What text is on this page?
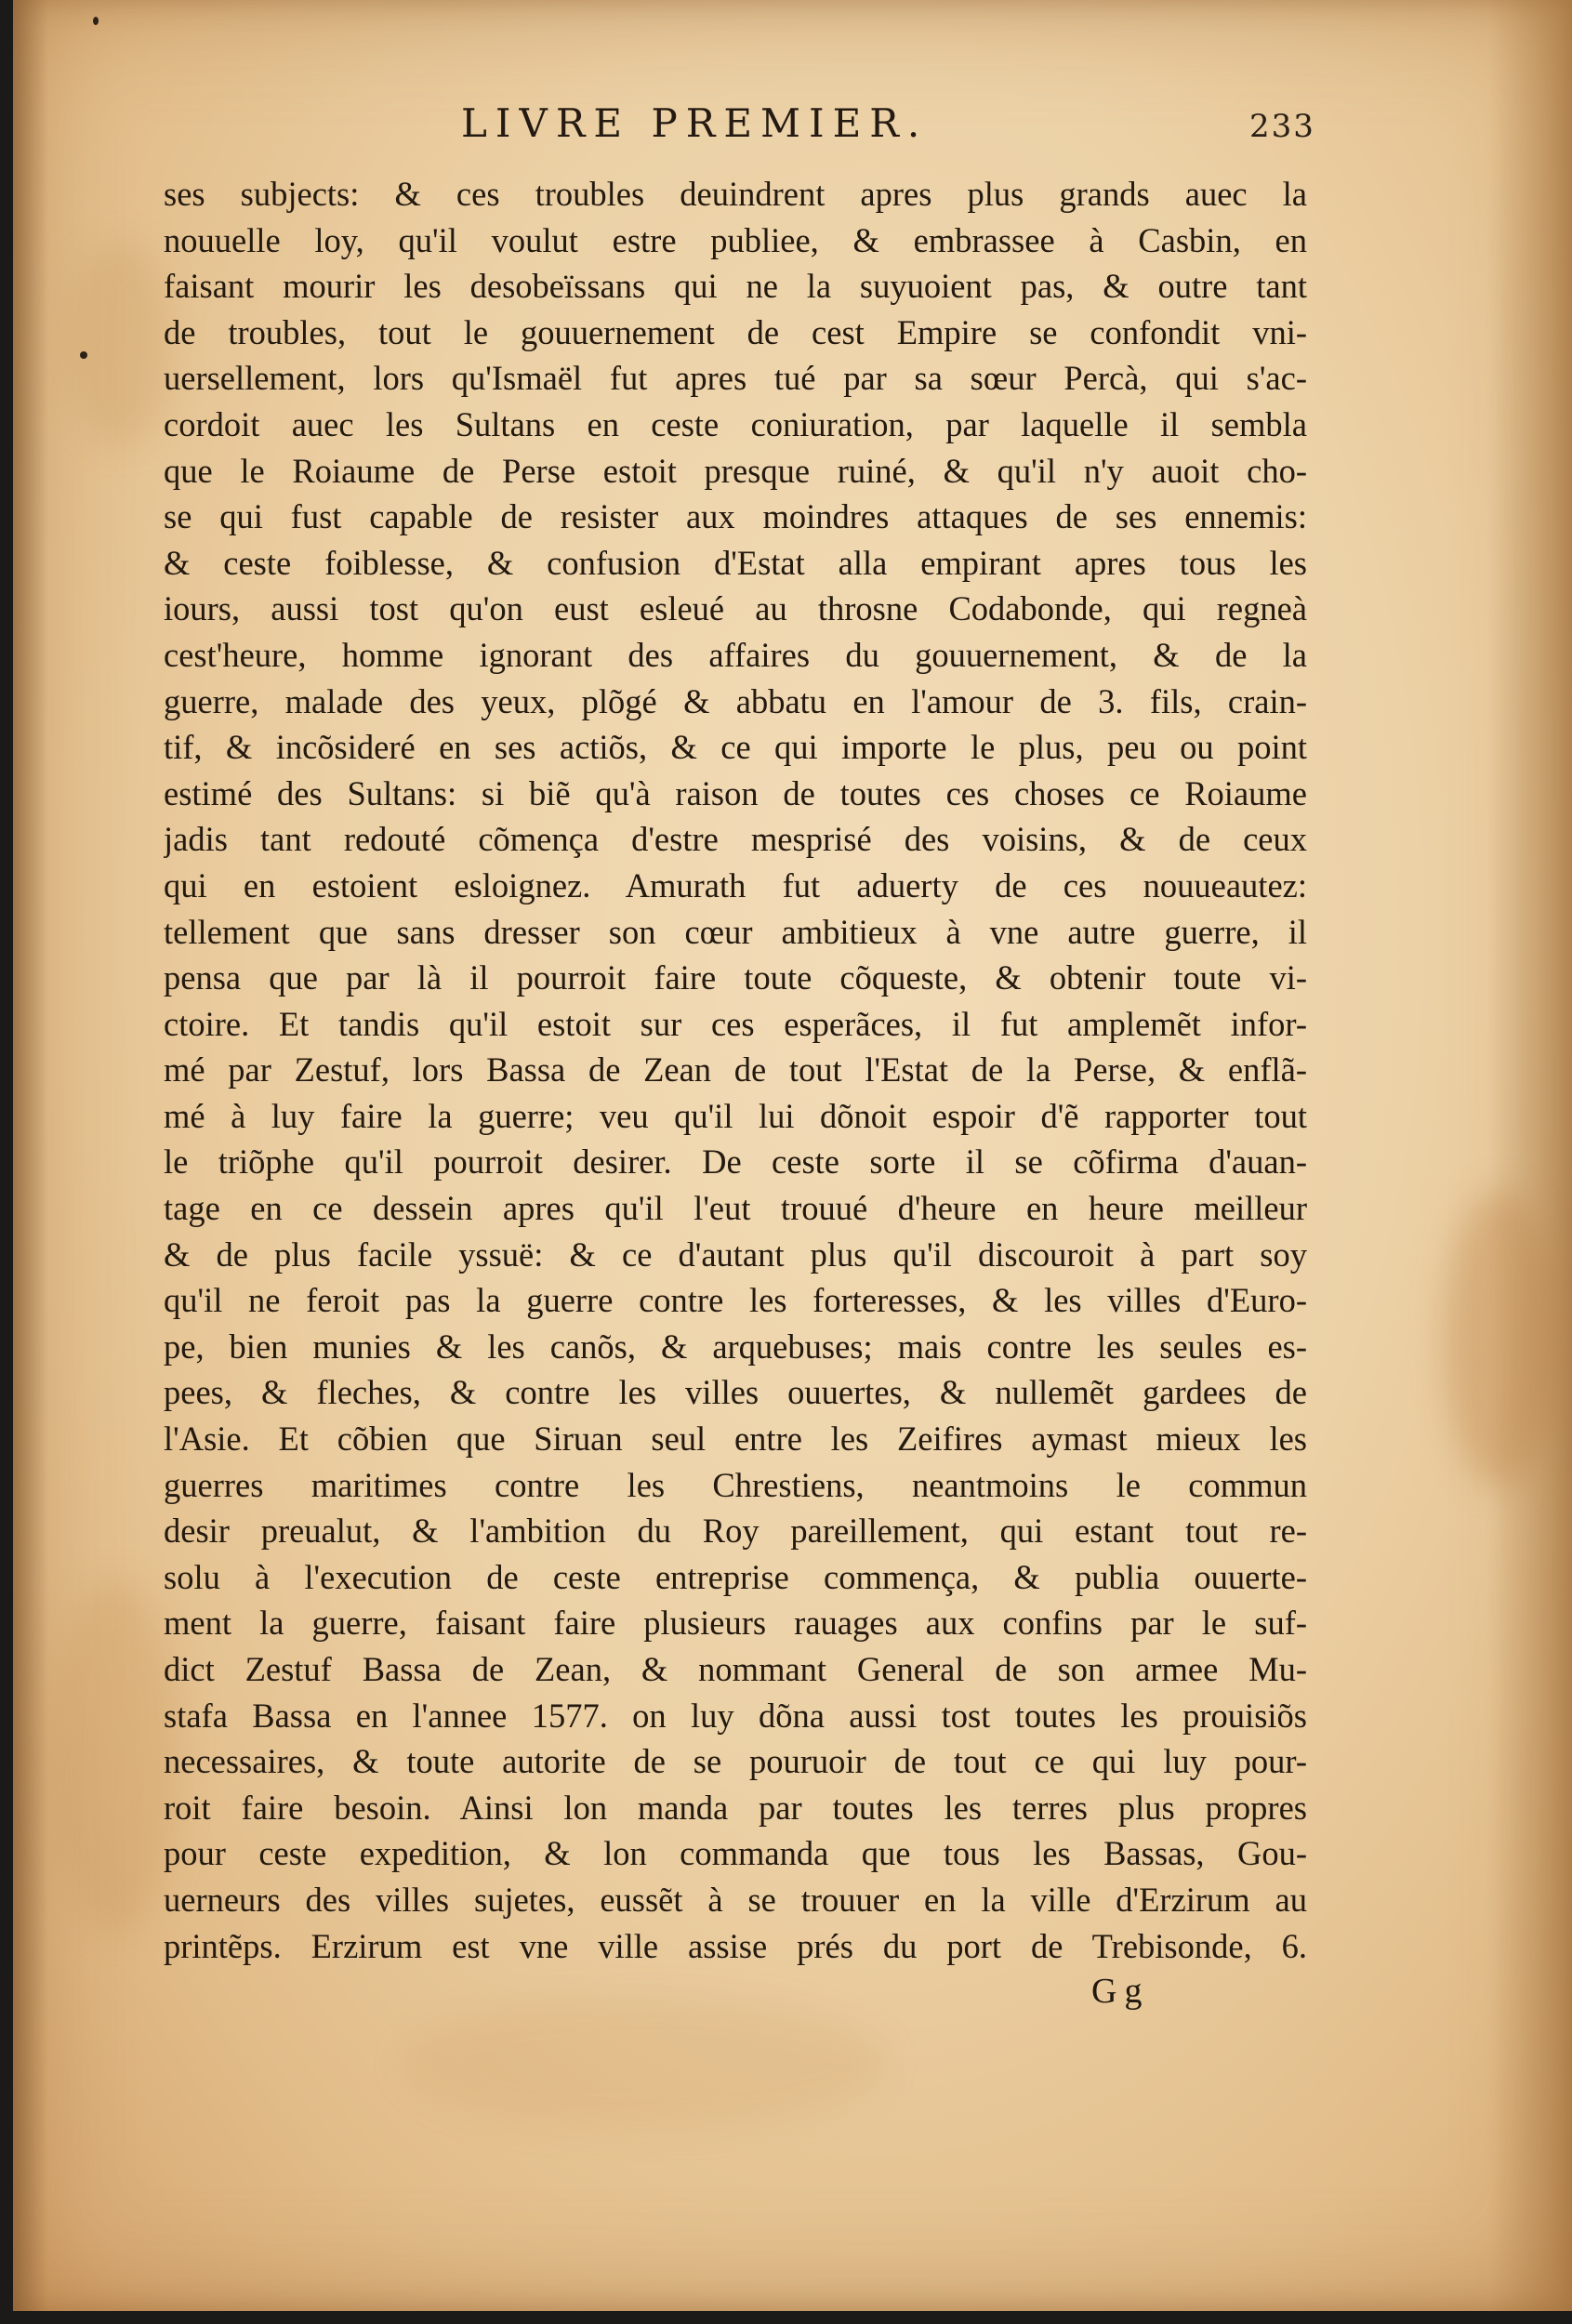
LIVRE PREMIER.	233
ses subjects: & ces troubles deuindrent apres plus grands auec la
nouuelle loy, qu'il voulut estre publiee, & embrassee à Casbin, en
faisant mourir les desobeïssans qui ne la suyuoient pas, & outre tant
de troubles, tout le gouuernement de cest Empire se confondit vni-
uersellement, lors qu'Ismaël fut apres tué par sa sœur Percà, qui s'ac-
cordoit auec les Sultans en ceste coniuration, par laquelle il sembla
que le Roiaume de Perse estoit presque ruiné, & qu'il n'y auoit cho-
se qui fust capable de resister aux moindres attaques de ses ennemis:
& ceste foiblesse, & confusion d'Estat alla empirant apres tous les
iours, aussi tost qu'on eust esleué au throsne Codabonde, qui regneà
cest'heure, homme ignorant des affaires du gouuernement, & de la
guerre, malade des yeux, plõgé & abbatu en l'amour de 3. fils, crain-
tif, & incõsideré en ses actiõs, & ce qui importe le plus, peu ou point
estimé des Sultans: si biẽ qu'à raison de toutes ces choses ce Roiaume
jadis tant redouté cõmença d'estre mesprisé des voisins, & de ceux
qui en estoient esloignez. Amurath fut aduerty de ces nouueautez:
tellement que sans dresser son cœur ambitieux à vne autre guerre, il
pensa que par là il pourroit faire toute cõqueste, & obtenir toute vi-
ctoire. Et tandis qu'il estoit sur ces esperãces, il fut amplemẽt infor-
mé par Zestuf, lors Bassa de Zean de tout l'Estat de la Perse, & enflã-
mé à luy faire la guerre; veu qu'il lui dõnoit espoir d'ẽ rapporter tout
le triõphe qu'il pourroit desirer. De ceste sorte il se cõfirma d'auan-
tage en ce dessein apres qu'il l'eut trouué d'heure en heure meilleur
& de plus facile yssuë: & ce d'autant plus qu'il discouroit à part soy
qu'il ne feroit pas la guerre contre les forteresses, & les villes d'Euro-
pe, bien munies & les canõs, & arquebuses; mais contre les seules es-
pees, & fleches, & contre les villes ouuertes, & nullemẽt gardees de
l'Asie. Et cõbien que Siruan seul entre les Zeifires aymast mieux les
guerres maritimes contre les Chrestiens, neantmoins le commun
desir preualut, & l'ambition du Roy pareillement, qui estant tout re-
solu à l'execution de ceste entreprise commença, & publia ouuerte-
ment la guerre, faisant faire plusieurs rauages aux confins par le suf-
dict Zestuf Bassa de Zean, & nommant General de son armee Mu-
stafa Bassa en l'annee 1577. on luy dõna aussi tost toutes les prouisiõs
necessaires, & toute autorite de se pouruoir de tout ce qui luy pour-
roit faire besoin. Ainsi lon manda par toutes les terres plus propres
pour ceste expedition, & lon commanda que tous les Bassas, Gou-
uerneurs des villes sujetes, eussẽt à se trouuer en la ville d'Erzirum au
printẽps. Erzirum est vne ville assise prés du port de Trebisonde, 6.
Gg
